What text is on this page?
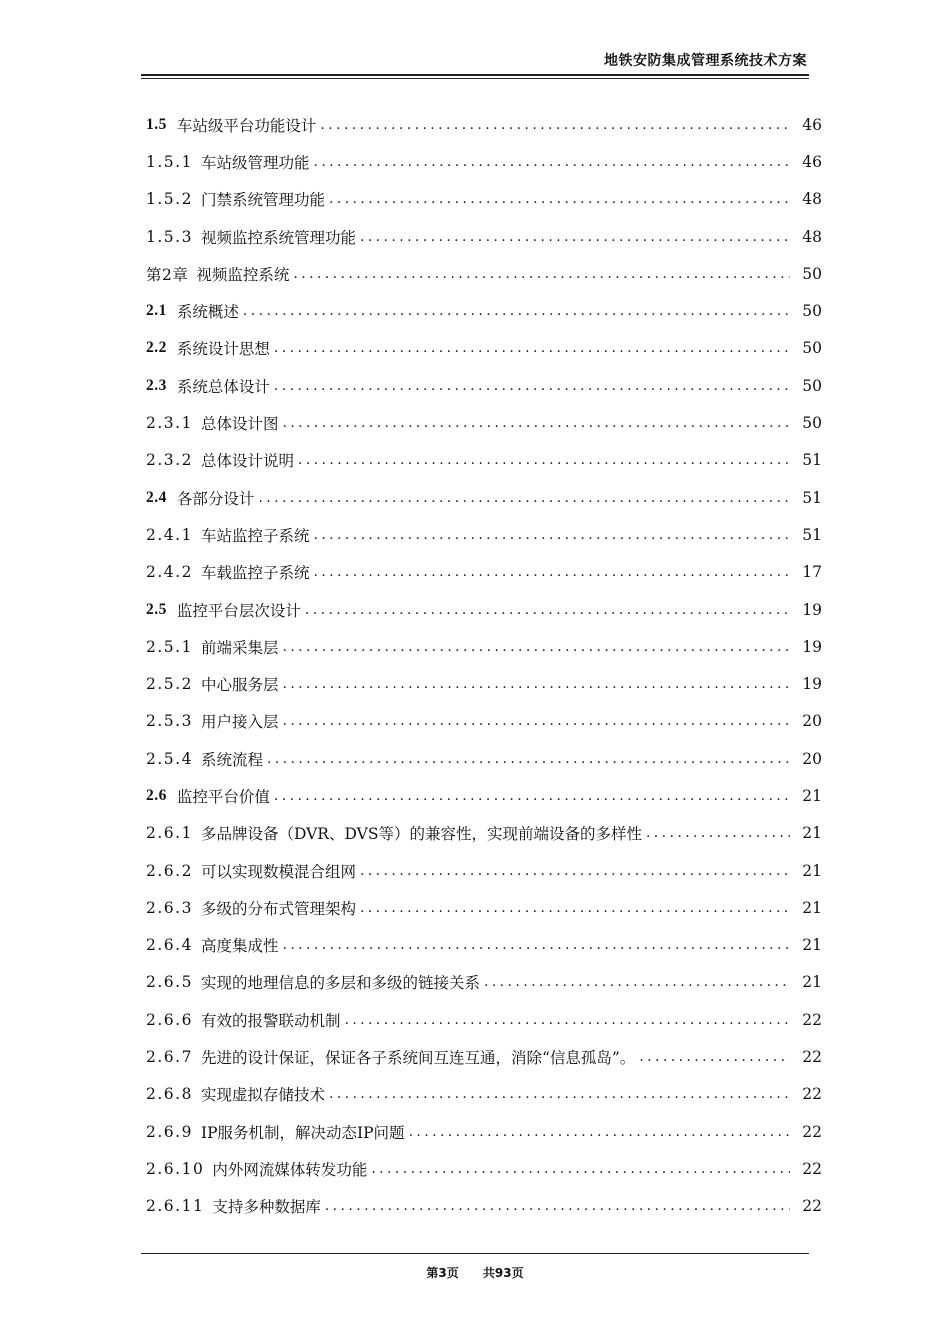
地铁安防集成管理系统技术方案
1.5 车站级平台功能设计 .....	46
1.5.1 车站级管理功能 .....	46
1.5.2 门禁系统管理功能 .....	48
1.5.3 视频监控系统管理功能 .....	48
第2章 视频监控系统 .....	50
2.1 系统概述 .....	50
2.2 系统设计思想 .....	50
2.3 系统总体设计 .....	50
2.3.1 总体设计图 .....	50
2.3.2 总体设计说明 .....	51
2.4 各部分设计 .....	51
2.4.1 车站监控子系统 .....	51
2.4.2 车载监控子系统 .....	17
2.5 监控平台层次设计 .....	19
2.5.1 前端采集层 .....	19
2.5.2 中心服务层 .....	19
2.5.3 用户接入层 .....	20
2.5.4 系统流程 .....	20
2.6 监控平台价值 .....	21
2.6.1 多品牌设备（DVR、DVS等）的兼容性，实现前端设备的多样性 .....	21
2.6.2 可以实现数模混合组网 .....	21
2.6.3 多级的分布式管理架构 .....	21
2.6.4 高度集成性 .....	21
2.6.5 实现的地理信息的多层和多级的链接关系 .....	21
2.6.6 有效的报警联动机制 .....	22
2.6.7 先进的设计保证，保证各子系统间互连互通，消除“信息孤岛”。 .....	22
2.6.8 实现虚拟存储技术 .....	22
2.6.9 IP服务机制，解决动态IP问题 .....	22
2.6.10 内外网流媒体转发功能 .....	22
2.6.11 支持多种数据库 .....	22
第3页 共93页
